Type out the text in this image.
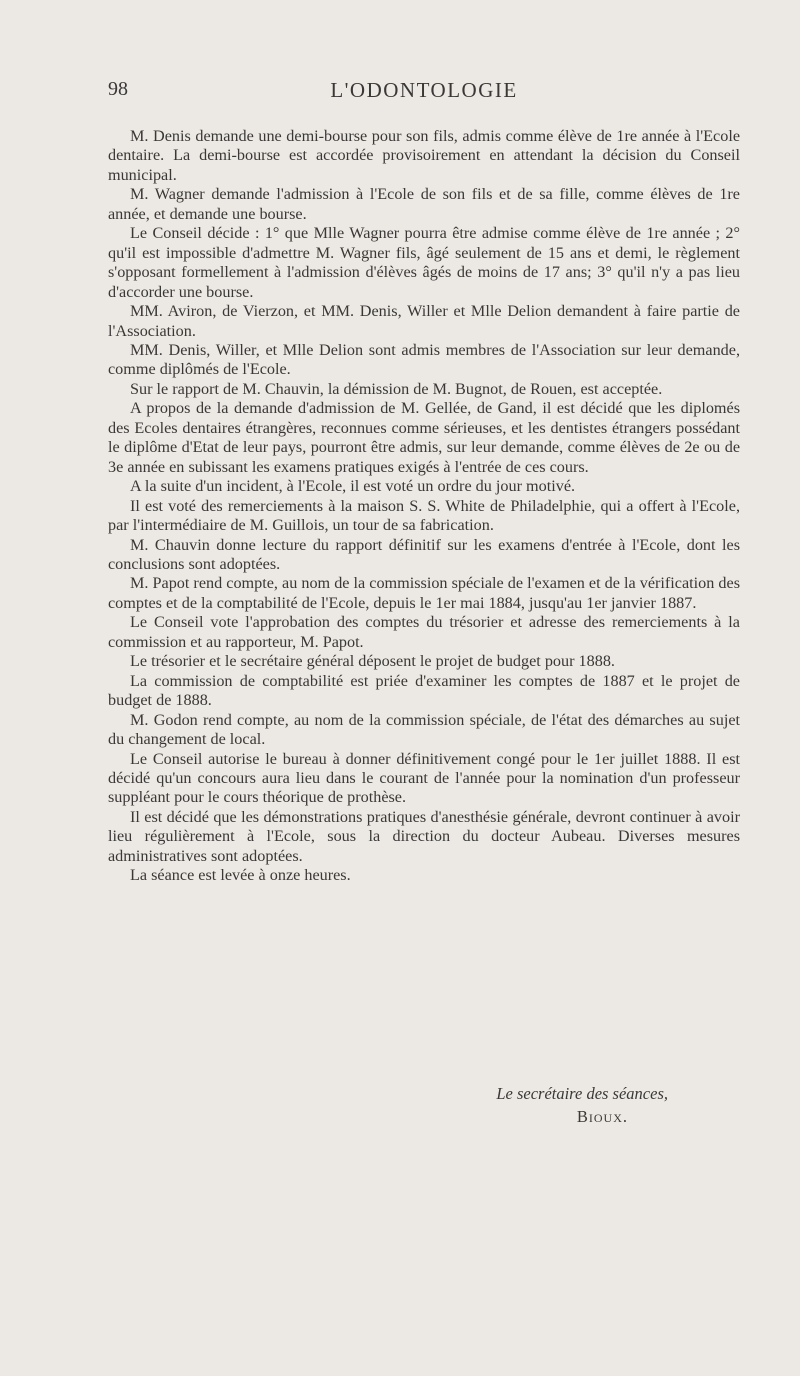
98	L'ODONTOLOGIE

M. Denis demande une demi-bourse pour son fils, admis comme élève de 1re année à l'Ecole dentaire. La demi-bourse est accordée provisoirement en attendant la décision du Conseil municipal.

M. Wagner demande l'admission à l'Ecole de son fils et de sa fille, comme élèves de 1re année, et demande une bourse.

Le Conseil décide : 1° que Mlle Wagner pourra être admise comme élève de 1re année ; 2° qu'il est impossible d'admettre M. Wagner fils, âgé seulement de 15 ans et demi, le règlement s'opposant formellement à l'admission d'élèves âgés de moins de 17 ans; 3° qu'il n'y a pas lieu d'accorder une bourse.

MM. Aviron, de Vierzon, et MM. Denis, Willer et Mlle Delion demandent à faire partie de l'Association.

MM. Denis, Willer, et Mlle Delion sont admis membres de l'Association sur leur demande, comme diplômés de l'Ecole.

Sur le rapport de M. Chauvin, la démission de M. Bugnot, de Rouen, est acceptée.

A propos de la demande d'admission de M. Gellée, de Gand, il est décidé que les diplomés des Ecoles dentaires étrangères, reconnues comme sérieuses, et les dentistes étrangers possédant le diplôme d'Etat de leur pays, pourront être admis, sur leur demande, comme élèves de 2e ou de 3e année en subissant les examens pratiques exigés à l'entrée de ces cours.

A la suite d'un incident, à l'Ecole, il est voté un ordre du jour motivé.

Il est voté des remerciements à la maison S. S. White de Philadelphie, qui a offert à l'Ecole, par l'intermédiaire de M. Guillois, un tour de sa fabrication.

M. Chauvin donne lecture du rapport définitif sur les examens d'entrée à l'Ecole, dont les conclusions sont adoptées.

M. Papot rend compte, au nom de la commission spéciale de l'examen et de la vérification des comptes et de la comptabilité de l'Ecole, depuis le 1er mai 1884, jusqu'au 1er janvier 1887.

Le Conseil vote l'approbation des comptes du trésorier et adresse des remerciements à la commission et au rapporteur, M. Papot.

Le trésorier et le secrétaire général déposent le projet de budget pour 1888.

La commission de comptabilité est priée d'examiner les comptes de 1887 et le projet de budget de 1888.

M. Godon rend compte, au nom de la commission spéciale, de l'état des démarches au sujet du changement de local.

Le Conseil autorise le bureau à donner définitivement congé pour le 1er juillet 1888. Il est décidé qu'un concours aura lieu dans le courant de l'année pour la nomination d'un professeur suppléant pour le cours théorique de prothèse.

Il est décidé que les démonstrations pratiques d'anesthésie générale, devront continuer à avoir lieu régulièrement à l'Ecole, sous la direction du docteur Aubeau. Diverses mesures administratives sont adoptées.

La séance est levée à onze heures.

Le secrétaire des séances,
Bioux.
